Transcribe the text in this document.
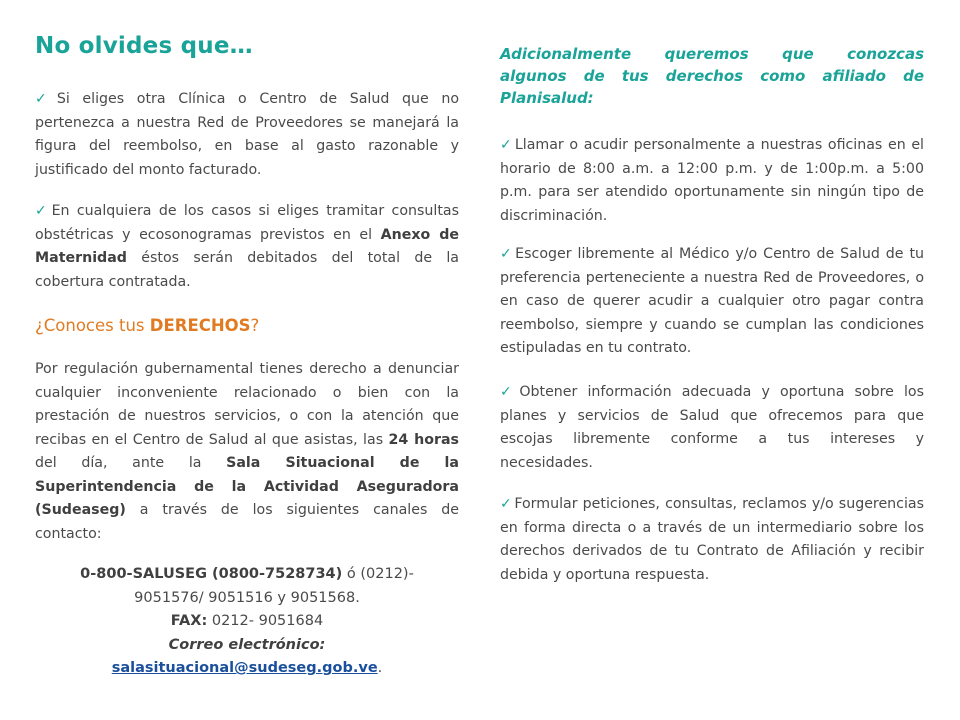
No olvides que…

✓ Si eliges otra Clínica o Centro de Salud que no pertenezca a nuestra Red de Proveedores se manejará la figura del reembolso, en base al gasto razonable y justificado del monto facturado.

✓ En cualquiera de los casos si eliges tramitar consultas obstétricas y ecosonogramas previstos en el Anexo de Maternidad éstos serán debitados del total de la cobertura contratada.

¿Conoces tus DERECHOS?

Por regulación gubernamental tienes derecho a denunciar cualquier inconveniente relacionado o bien con la prestación de nuestros servicios, o con la atención que recibas en el Centro de Salud al que asistas, las 24 horas del día, ante la Sala Situacional de la Superintendencia de la Actividad Aseguradora (Sudeaseg) a través de los siguientes canales de contacto:

0-800-SALUSEG (0800-7528734) ó (0212)-
9051576/ 9051516 y 9051568.
FAX: 0212- 9051684
Correo electrónico:
salasituacional@sudeseg.gob.ve.

Adicionalmente queremos que conozcas
algunos de tus derechos como afiliado de
Planisalud:

✓ Llamar o acudir personalmente a nuestras oficinas en el horario de 8:00 a.m. a 12:00 p.m. y de 1:00p.m. a 5:00 p.m. para ser atendido oportunamente sin ningún tipo de discriminación.

✓ Escoger libremente al Médico y/o Centro de Salud de tu preferencia perteneciente a nuestra Red de Proveedores, o en caso de querer acudir a cualquier otro pagar contra reembolso, siempre y cuando se cumplan las condiciones estipuladas en tu contrato.

✓ Obtener información adecuada y oportuna sobre los planes y servicios de Salud que ofrecemos para que escojas libremente conforme a tus intereses y necesidades.

✓ Formular peticiones, consultas, reclamos y/o sugerencias en forma directa o a través de un intermediario sobre los derechos derivados de tu Contrato de Afiliación y recibir debida y oportuna respuesta.
